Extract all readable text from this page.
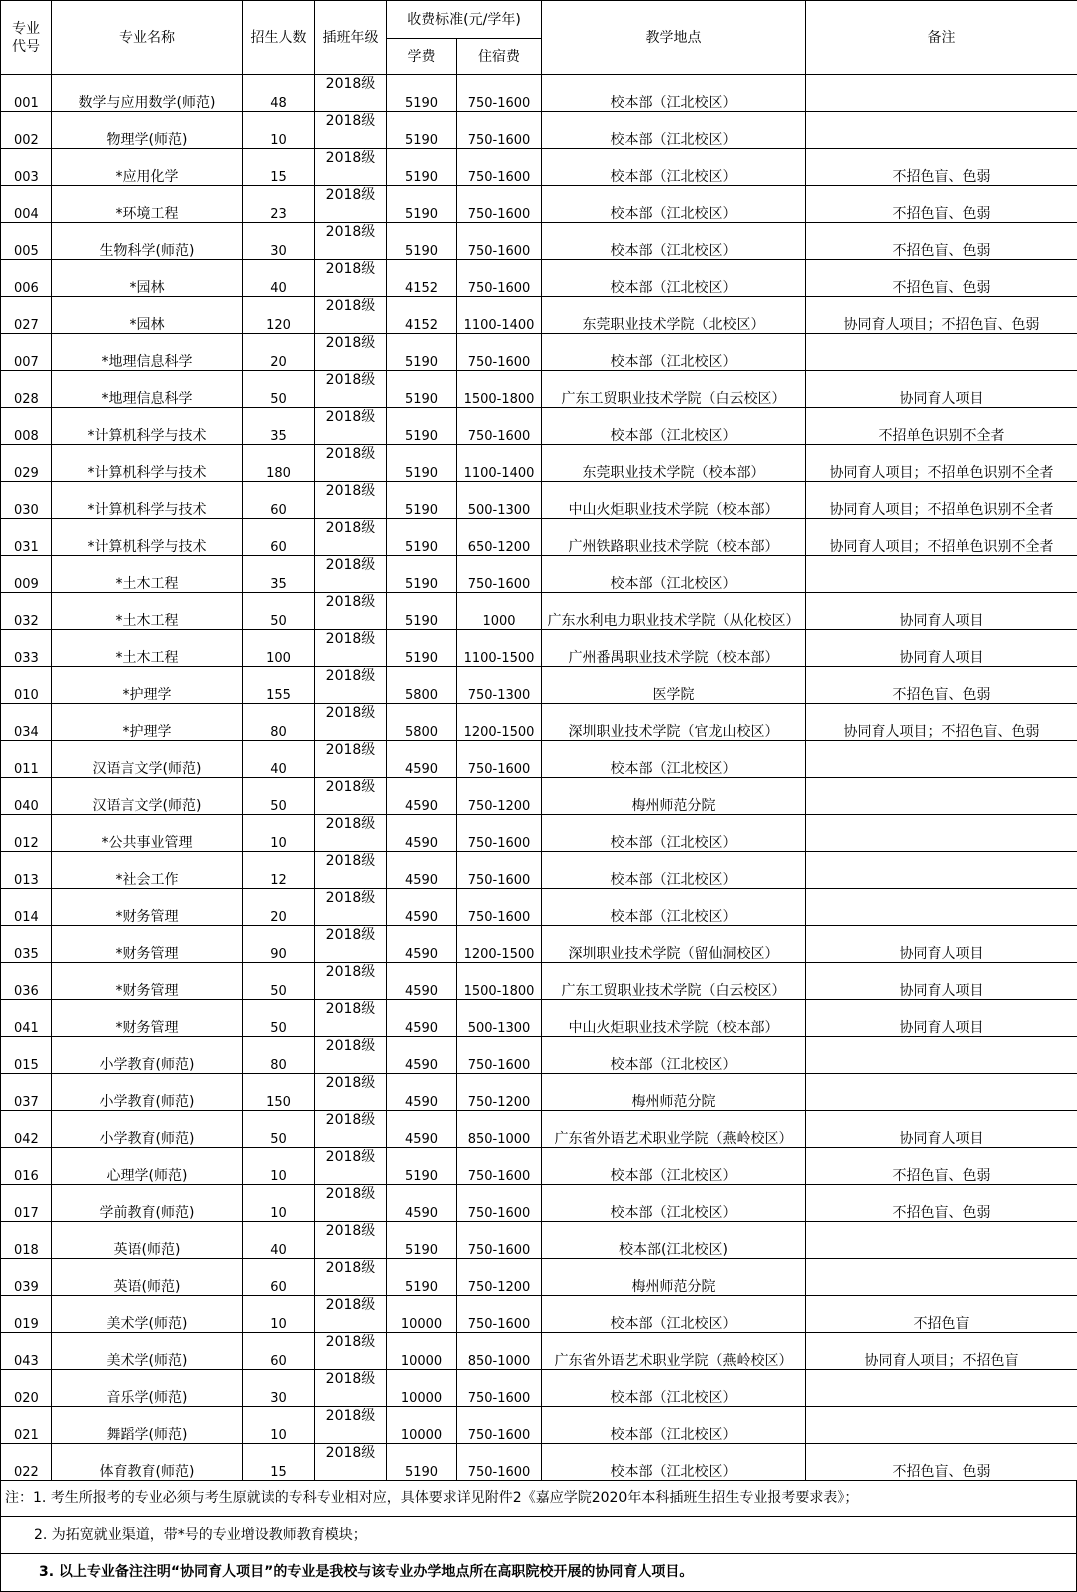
专业代号	专业名称	招生人数	插班年级	收费标准(元/学年)		教学地点	备注
				学费	住宿费		
001	数学与应用数学(师范)	48	2018级	5190	750-1600	校本部（江北校区）	
002	物理学(师范)	10	2018级	5190	750-1600	校本部（江北校区）	
003	*应用化学	15	2018级	5190	750-1600	校本部（江北校区）	不招色盲、色弱
004	*环境工程	23	2018级	5190	750-1600	校本部（江北校区）	不招色盲、色弱
005	生物科学(师范)	30	2018级	5190	750-1600	校本部（江北校区）	不招色盲、色弱
006	*园林	40	2018级	4152	750-1600	校本部（江北校区）	不招色盲、色弱
027	*园林	120	2018级	4152	1100-1400	东莞职业技术学院（北校区）	协同育人项目；不招色盲、色弱
007	*地理信息科学	20	2018级	5190	750-1600	校本部（江北校区）	
028	*地理信息科学	50	2018级	5190	1500-1800	广东工贸职业技术学院（白云校区）	协同育人项目
008	*计算机科学与技术	35	2018级	5190	750-1600	校本部（江北校区）	不招单色识别不全者
029	*计算机科学与技术	180	2018级	5190	1100-1400	东莞职业技术学院（校本部）	协同育人项目；不招单色识别不全者
030	*计算机科学与技术	60	2018级	5190	500-1300	中山火炬职业技术学院（校本部）	协同育人项目；不招单色识别不全者
031	*计算机科学与技术	60	2018级	5190	650-1200	广州铁路职业技术学院（校本部）	协同育人项目；不招单色识别不全者
009	*土木工程	35	2018级	5190	750-1600	校本部（江北校区）	
032	*土木工程	50	2018级	5190	1000	广东水利电力职业技术学院（从化校区）	协同育人项目
033	*土木工程	100	2018级	5190	1100-1500	广州番禺职业技术学院（校本部）	协同育人项目
010	*护理学	155	2018级	5800	750-1300	医学院	不招色盲、色弱
034	*护理学	80	2018级	5800	1200-1500	深圳职业技术学院（官龙山校区）	协同育人项目；不招色盲、色弱
011	汉语言文学(师范)	40	2018级	4590	750-1600	校本部（江北校区）	
040	汉语言文学(师范)	50	2018级	4590	750-1200	梅州师范分院	
012	*公共事业管理	10	2018级	4590	750-1600	校本部（江北校区）	
013	*社会工作	12	2018级	4590	750-1600	校本部（江北校区）	
014	*财务管理	20	2018级	4590	750-1600	校本部（江北校区）	
035	*财务管理	90	2018级	4590	1200-1500	深圳职业技术学院（留仙洞校区）	协同育人项目
036	*财务管理	50	2018级	4590	1500-1800	广东工贸职业技术学院（白云校区）	协同育人项目
041	*财务管理	50	2018级	4590	500-1300	中山火炬职业技术学院（校本部）	协同育人项目
015	小学教育(师范)	80	2018级	4590	750-1600	校本部（江北校区）	
037	小学教育(师范)	150	2018级	4590	750-1200	梅州师范分院	
042	小学教育(师范)	50	2018级	4590	850-1000	广东省外语艺术职业学院（燕岭校区）	协同育人项目
016	心理学(师范)	10	2018级	5190	750-1600	校本部（江北校区）	不招色盲、色弱
017	学前教育(师范)	10	2018级	4590	750-1600	校本部（江北校区）	不招色盲、色弱
018	英语(师范)	40	2018级	5190	750-1600	校本部(江北校区)	
039	英语(师范)	60	2018级	5190	750-1200	梅州师范分院	
019	美术学(师范)	10	2018级	10000	750-1600	校本部（江北校区）	不招色盲
043	美术学(师范)	60	2018级	10000	850-1000	广东省外语艺术职业学院（燕岭校区）	协同育人项目；不招色盲
020	音乐学(师范)	30	2018级	10000	750-1600	校本部（江北校区）	
021	舞蹈学(师范)	10	2018级	10000	750-1600	校本部（江北校区）	
022	体育教育(师范)	15	2018级	5190	750-1600	校本部（江北校区）	不招色盲、色弱
注：1. 考生所报考的专业必须与考生原就读的专科专业相对应，具体要求详见附件2《嘉应学院2020年本科插班生招生专业报考要求表》；
2. 为拓宽就业渠道，带*号的专业增设教师教育模块；
3. 以上专业备注注明“协同育人项目”的专业是我校与该专业办学地点所在高职院校开展的协同育人项目。
